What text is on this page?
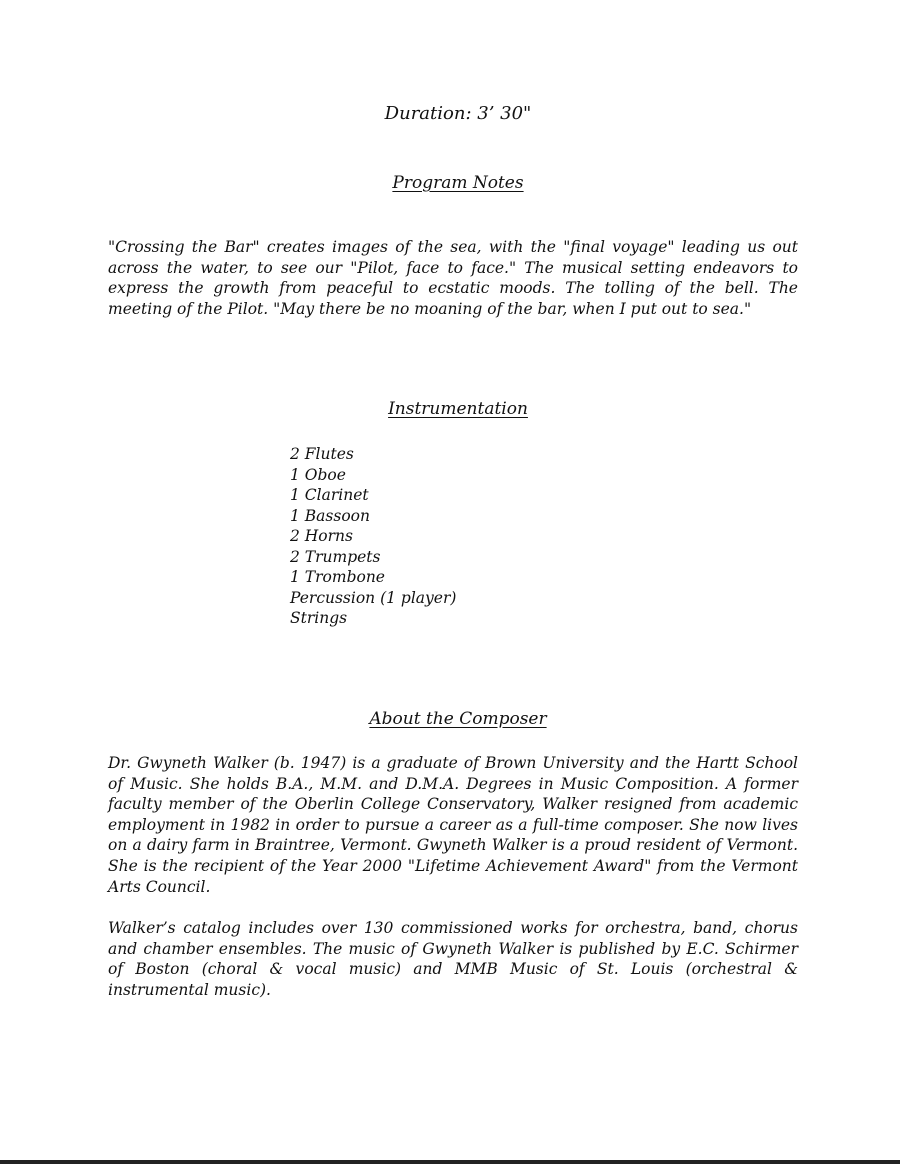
Duration: 3’ 30"
Program Notes
"Crossing the Bar" creates images of the sea, with the "final voyage" leading us out across the water, to see our "Pilot, face to face." The musical setting endeavors to express the growth from peaceful to ecstatic moods. The tolling of the bell. The meeting of the Pilot. "May there be no moaning of the bar, when I put out to sea."
Instrumentation
2 Flutes
1 Oboe
1 Clarinet
1 Bassoon
2 Horns
2 Trumpets
1 Trombone
Percussion (1 player)
Strings
About the Composer
Dr. Gwyneth Walker (b. 1947) is a graduate of Brown University and the Hartt School of Music. She holds B.A., M.M. and D.M.A. Degrees in Music Composition. A former faculty member of the Oberlin College Conservatory, Walker resigned from academic employment in 1982 in order to pursue a career as a full-time composer. She now lives on a dairy farm in Braintree, Vermont. Gwyneth Walker is a proud resident of Vermont. She is the recipient of the Year 2000 "Lifetime Achievement Award" from the Vermont Arts Council.
Walker’s catalog includes over 130 commissioned works for orchestra, band, chorus and chamber ensembles. The music of Gwyneth Walker is published by E.C. Schirmer of Boston (choral & vocal music) and MMB Music of St. Louis (orchestral & instrumental music).
